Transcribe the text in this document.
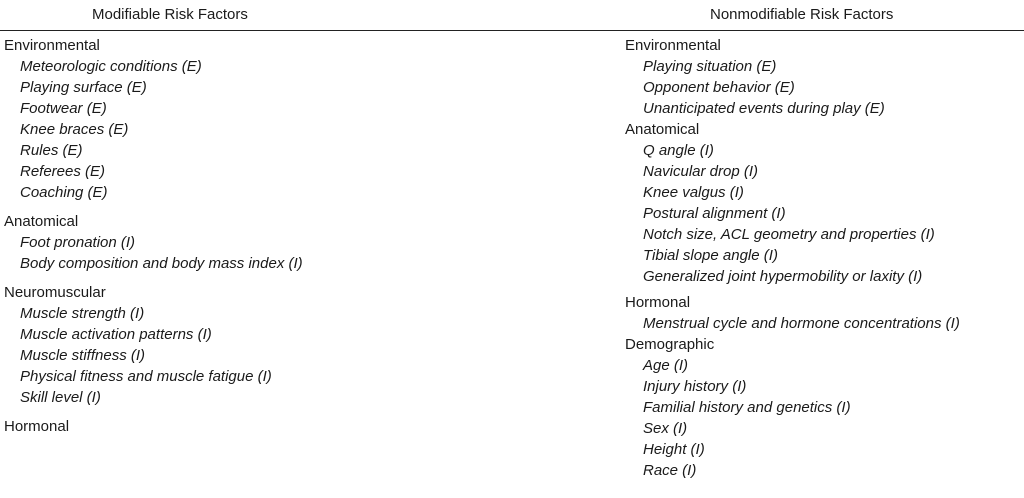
Modifiable Risk Factors	Nonmodifiable Risk Factors
Environmental
Meteorologic conditions (E)
Playing surface (E)
Footwear (E)
Knee braces (E)
Rules (E)
Referees (E)
Coaching (E)
Anatomical
Foot pronation (I)
Body composition and body mass index (I)
Neuromuscular
Muscle strength (I)
Muscle activation patterns (I)
Muscle stiffness (I)
Physical fitness and muscle fatigue (I)
Skill level (I)
Hormonal
Environmental
Playing situation (E)
Opponent behavior (E)
Unanticipated events during play (E)
Anatomical
Q angle (I)
Navicular drop (I)
Knee valgus (I)
Postural alignment (I)
Notch size, ACL geometry and properties (I)
Tibial slope angle (I)
Generalized joint hypermobility or laxity (I)
Hormonal
Menstrual cycle and hormone concentrations (I)
Demographic
Age (I)
Injury history (I)
Familial history and genetics (I)
Sex (I)
Height (I)
Race (I)
